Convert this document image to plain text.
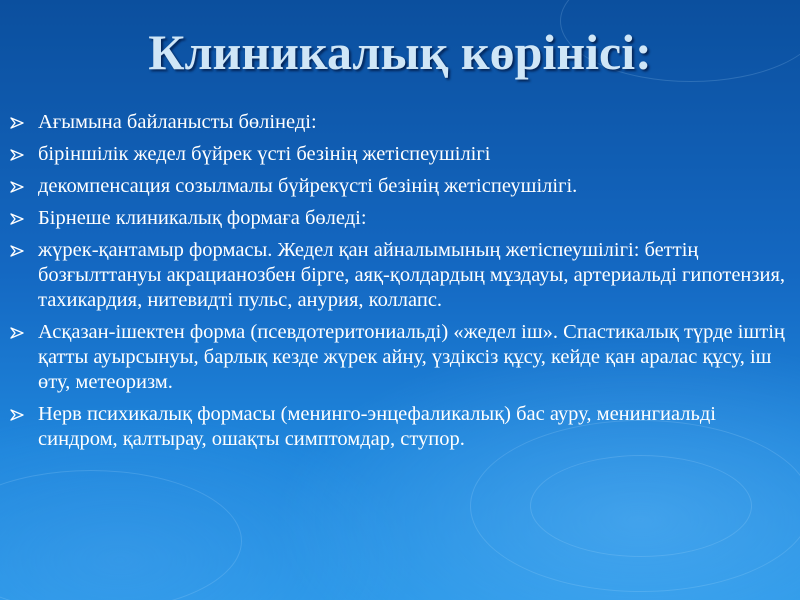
Клиникалық көрінісі:
Ағымына байланысты бөлінеді:
біріншілік жедел бүйрек үсті безінің жетіспеушілігі
декомпенсация созылмалы бүйрекүсті безінің жетіспеушілігі.
Бірнеше клиникалық формаға бөледі:
жүрек-қантамыр формасы. Жедел қан айналымының жетіспеушілігі: беттің бозғылттануы акрацианозбен бірге, аяқ-қолдардың мұздауы, артериальді гипотензия, тахикардия, нитевидті пульс, анурия, коллапс.
Асқазан-ішектен форма (псевдотеритониальді) «жедел іш». Спастикалық түрде іштің қатты ауырсынуы, барлық кезде жүрек айну, үздіксіз құсу, кейде қан аралас құсу, іш өту, метеоризм.
Нерв психикалық формасы (менинго-энцефаликалық) бас ауру, менингиальді синдром, қалтырау, ошақты симптомдар, ступор.
